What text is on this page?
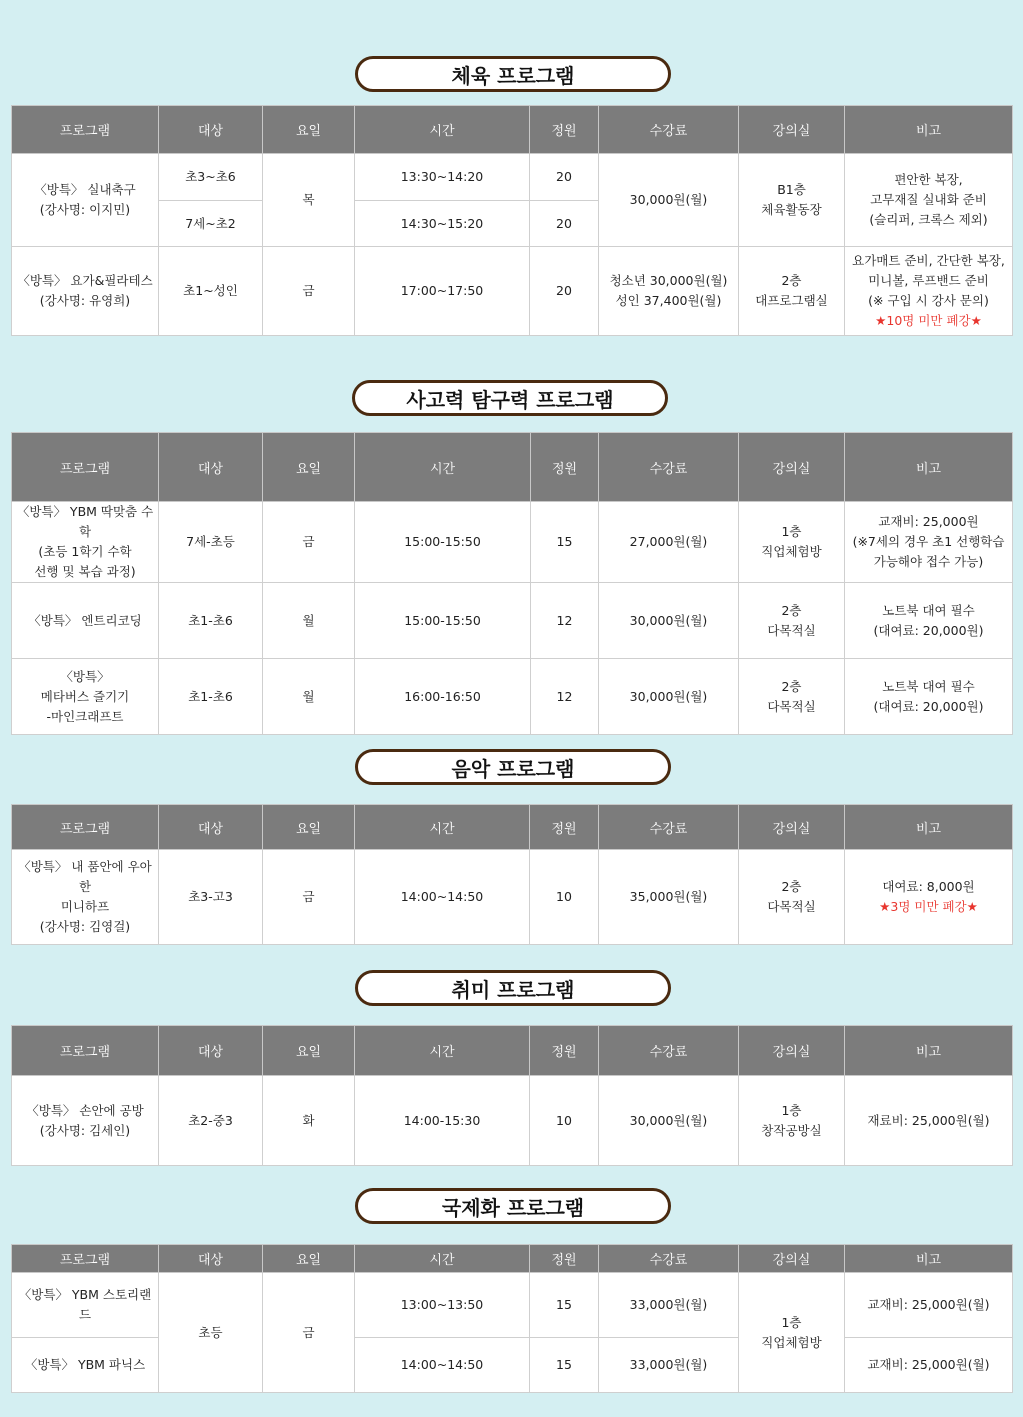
체육 프로그램
프로그램	대상	요일	시간	정원	수강료	강의실	비고

〈방특〉 실내축구
(강사명: 이지민)	초3~초6	목	13:30~14:20	20	30,000원(월)	B1층
체육활동장	편안한 복장,
고무재질 실내화 준비
(슬리퍼, 크록스 제외)

	7세~초2		14:30~15:20	20			

〈방특〉 요가&필라테스
(강사명: 유영희)	초1~성인	금	17:00~17:50	20	청소년 30,000원(월)
성인 37,400원(월)	2층
대프로그램실	요가매트 준비, 간단한 복장,
미니볼, 루프밴드 준비
(※ 구입 시 강사 문의)
★10명 미만 폐강★
사고력 탐구력 프로그램
프로그램	대상	요일	시간	정원	수강료	강의실	비고

〈방특〉 YBM 딱맞춤 수학
(초등 1학기 수학
선행 및 복습 과정)	7세-초등	금	15:00-15:50	15	27,000원(월)	1층
직업체험방	교재비: 25,000원
(※7세의 경우 초1 선행학습
가능해야 접수 가능)

〈방특〉 엔트리코딩	초1-초6	월	15:00-15:50	12	30,000원(월)	2층
다목적실	노트북 대여 필수
(대여료: 20,000원)

〈방특〉
메타버스 즐기기
-마인크래프트	초1-초6	월	16:00-16:50	12	30,000원(월)	2층
다목적실	노트북 대여 필수
(대여료: 20,000원)
음악 프로그램
프로그램	대상	요일	시간	정원	수강료	강의실	비고

〈방특〉 내 품안에 우아한
미니하프
(강사명: 김영걸)	초3-고3	금	14:00~14:50	10	35,000원(월)	2층
다목적실	대여료: 8,000원
★3명 미만 폐강★
취미 프로그램
프로그램	대상	요일	시간	정원	수강료	강의실	비고

〈방특〉 손안에 공방
(강사명: 김세인)	초2-중3	화	14:00-15:30	10	30,000원(월)	1층
창작공방실	재료비: 25,000원(월)
국제화 프로그램
프로그램	대상	요일	시간	정원	수강료	강의실	비고
〈방특〉 YBM 스토리랜드	초등	금	13:00~13:50	15	33,000원(월)	1층
직업체험방	교재비: 25,000원(월)
〈방특〉 YBM 파닉스			14:00~14:50	15	33,000원(월)		교재비: 25,000원(월)
